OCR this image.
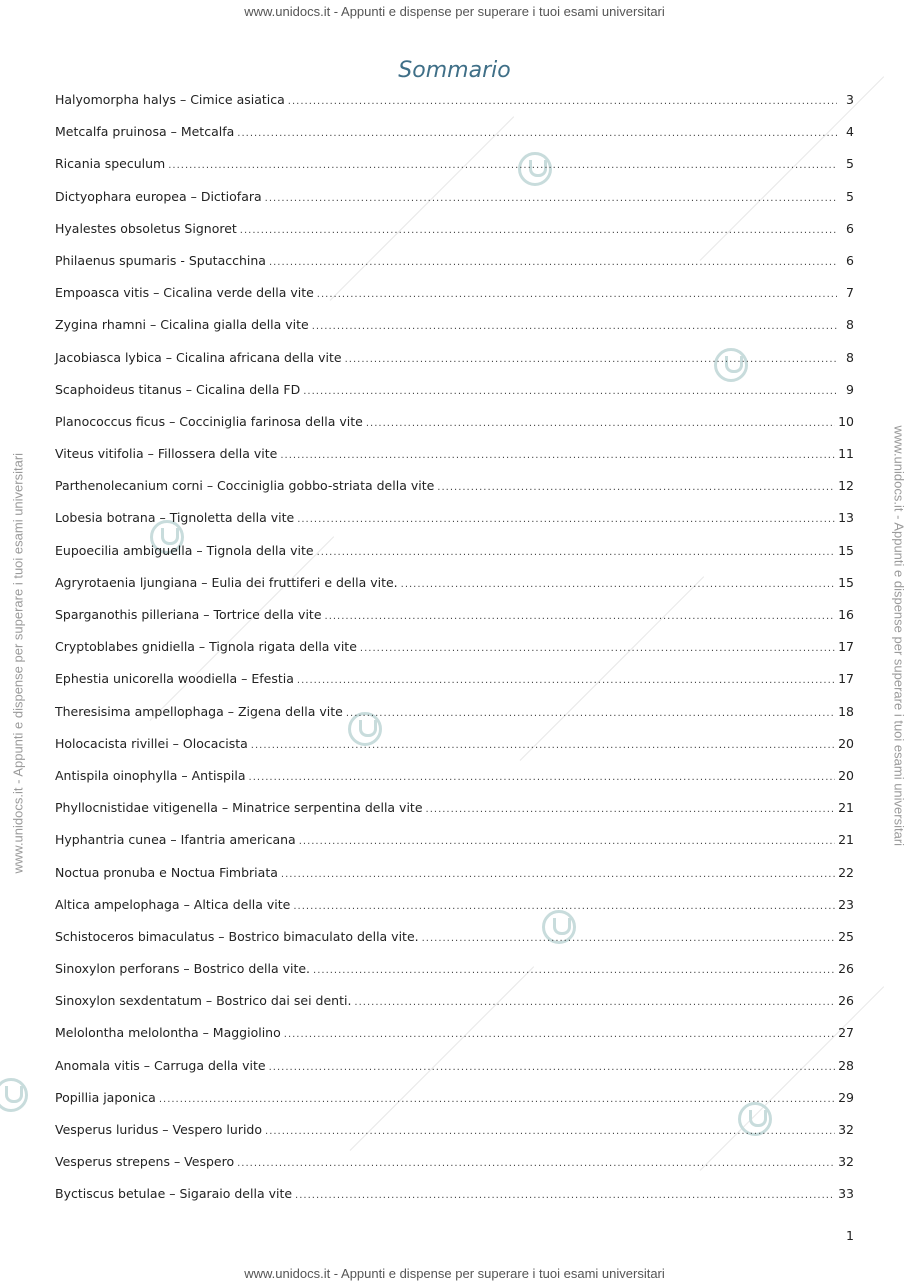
www.unidocs.it - Appunti e dispense per superare i tuoi esami universitari
www.unidocs.it - Appunti e dispense per superare i tuoi esami universitari	www.unidocs.it - Appunti e dispense per superare i tuoi esami universitari
Sommario
Halyomorpha halys – Cimice asiatica .....	3
Metcalfa pruinosa – Metcalfa .....	4
Ricania speculum .....	5
Dictyophara europea – Dictiofara .....	5
Hyalestes obsoletus Signoret .....	6
Philaenus spumaris - Sputacchina .....	6
Empoasca vitis – Cicalina verde della vite .....	7
Zygina rhamni – Cicalina gialla della vite .....	8
Jacobiasca lybica – Cicalina africana della vite .....	8
Scaphoideus titanus – Cicalina della FD .....	9
Planococcus ficus – Cocciniglia farinosa della vite .....	10
Viteus vitifolia – Fillossera della vite .....	11
Parthenolecanium corni – Cocciniglia gobbo-striata della vite .....	12
Lobesia botrana – Tignoletta della vite .....	13
Eupoecilia ambiguella – Tignola della vite .....	15
Agryrotaenia ljungiana – Eulia dei fruttiferi e della vite. .....	15
Sparganothis pilleriana – Tortrice della vite .....	16
Cryptoblabes gnidiella – Tignola rigata della vite .....	17
Ephestia unicorella woodiella – Efestia .....	17
Theresisima ampellophaga – Zigena della vite .....	18
Holocacista rivillei – Olocacista .....	20
Antispila oinophylla – Antispila .....	20
Phyllocnistidae vitigenella – Minatrice serpentina della vite .....	21
Hyphantria cunea – Ifantria americana .....	21
Noctua pronuba e Noctua Fimbriata .....	22
Altica ampelophaga – Altica della vite .....	23
Schistoceros bimaculatus – Bostrico bimaculato della vite. .....	25
Sinoxylon perforans – Bostrico della vite. .....	26
Sinoxylon sexdentatum – Bostrico dai sei denti. .....	26
Melolontha melolontha – Maggiolino .....	27
Anomala vitis – Carruga della vite .....	28
Popillia japonica .....	29
Vesperus luridus – Vespero lurido .....	32
Vesperus strepens – Vespero .....	32
Byctiscus betulae – Sigaraio della vite .....	33
1
www.unidocs.it - Appunti e dispense per superare i tuoi esami universitari
